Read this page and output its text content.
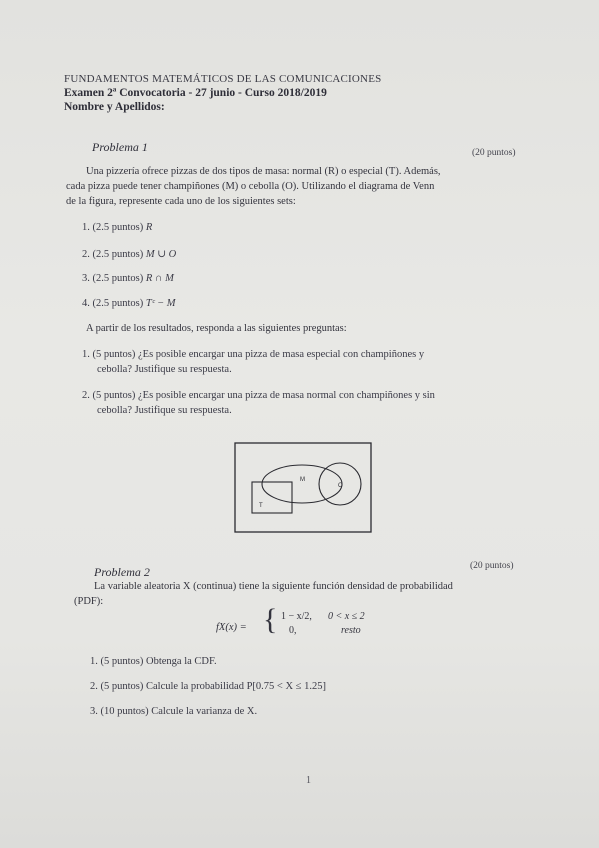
FUNDAMENTOS MATEMÁTICOS DE LAS COMUNICACIONES
Examen 2ª Convocatoria - 27 junio - Curso 2018/2019
Nombre y Apellidos:
Problema 1	(20 puntos)
Una pizzería ofrece pizzas de dos tipos de masa: normal (R) o especial (T). Además,
cada pizza puede tener champiñones (M) o cebolla (O). Utilizando el diagrama de Venn
de la figura, represente cada uno de los siguientes sets:
1. (2.5 puntos) R
2. (2.5 puntos) M ∪ O
3. (2.5 puntos) R ∩ M
4. (2.5 puntos) Tᶜ − M
A partir de los resultados, responda a las siguientes preguntas:
1. (5 puntos) ¿Es posible encargar una pizza de masa especial con champiñones y
cebolla? Justifique su respuesta.
2. (5 puntos) ¿Es posible encargar una pizza de masa normal con champiñones y sin
cebolla? Justifique su respuesta.
M
O
T
Problema 2	(20 puntos)
La variable aleatoria X (continua) tiene la siguiente función densidad de probabilidad
(PDF):
fX(x) = { 1 − x/2, 0 < x ≤ 2
0,	resto
1. (5 puntos) Obtenga la CDF.
2. (5 puntos) Calcule la probabilidad P[0.75 < X ≤ 1.25]
3. (10 puntos) Calcule la varianza de X.
1
